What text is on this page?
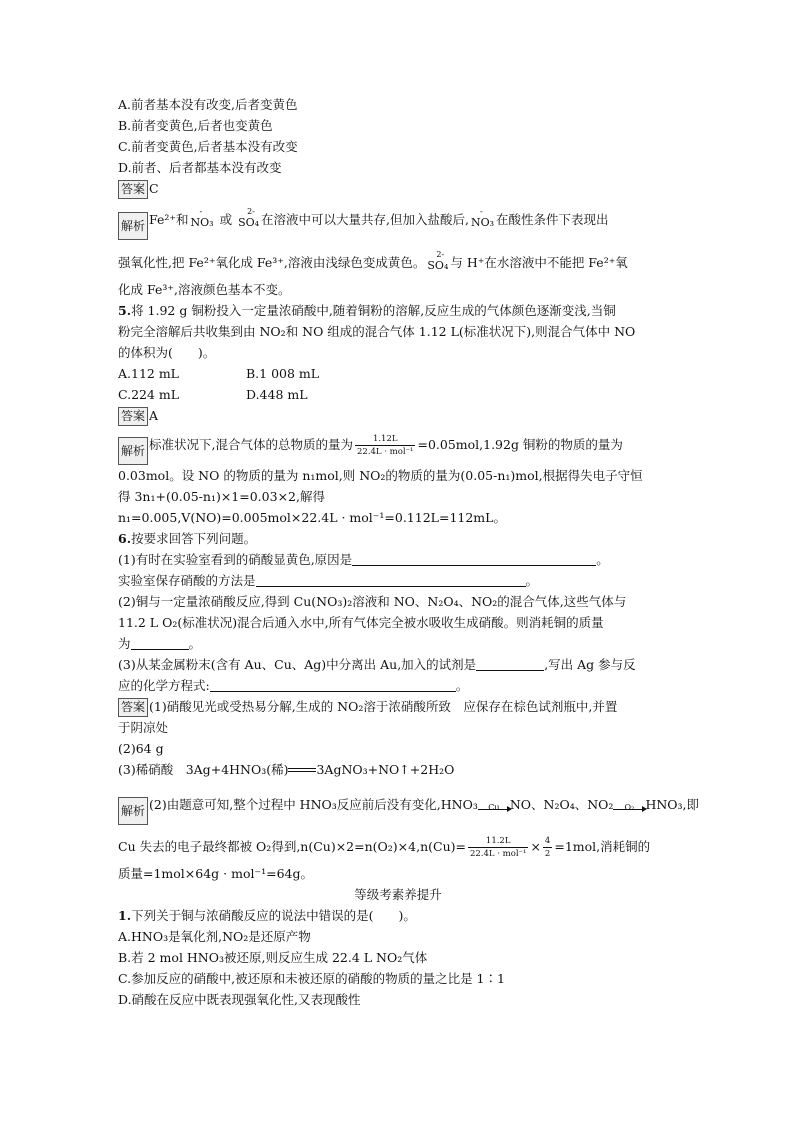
A.前者基本没有改变,后者变黄色
B.前者变黄色,后者也变黄色
C.前者变黄色,后者基本没有改变
D.前者、后者都基本没有改变
答案 C
解析 Fe²⁺和 NO₃
-
或 SO₄
2-
在溶液中可以大量共存,但加入盐酸后, NO₃
-
在酸性条件下表现出
强氧化性,把 Fe²⁺氧化成 Fe³⁺,溶液由浅绿色变成黄色。 SO₄
2-
与 H⁺在水溶液中不能把 Fe²⁺氧
化成 Fe³⁺,溶液颜色基本不变。
5.将 1.92 g 铜粉投入一定量浓硝酸中,随着铜粉的溶解,反应生成的气体颜色逐渐变浅,当铜
粉完全溶解后共收集到由 NO₂和 NO 组成的混合气体 1.12 L(标准状况下),则混合气体中 NO
的体积为(　　)。
A.112 mL	B.1 008 mL
C.224 mL	D.448 mL
答案 A
解析 标准状况下,混合气体的总物质的量为 $\frac{1.12L}{\text{22.4L · mol⁻¹}} =0.05mol,1.92g$ 铜粉的物质的量为
0.03mol。设 NO 的物质的量为 n₁mol,则 NO₂的物质的量为(0.05-n₁)mol,根据得失电子守恒
得 3n₁+(0.05-n₁)×1=0.03×2,解得
n₁=0.005,V(NO)=0.005mol×22.4L · mol⁻¹=0.112L=112mL。
6.按要求回答下列问题。
(1)有时在实验室看到的硝酸显黄色,原因是	。
实验室保存硝酸的方法是	。
(2)铜与一定量浓硝酸反应,得到 Cu(NO₃)₂溶液和 NO、N₂O₄、NO₂的混合气体,这些气体与
11.2 L O₂(标准状况)混合后通入水中,所有气体完全被水吸收生成硝酸。则消耗铜的质量
为	。
(3)从某金属粉末(含有 Au、Cu、Ag)中分离出 Au,加入的试剂是	,写出 Ag 参与反
应的化学方程式:	。
答案 (1)硝酸见光或受热易分解,生成的 NO₂溶于浓硝酸所致　应保存在棕色试剂瓶中,并置
于阴凉处
(2)64 g
(3)稀硝酸　3Ag+4HNO₃(稀) 3AgNO₃+NO↑+2H₂O
解析 (2)由题意可知,整个过程中 HNO₃反应前后没有变化,HNO₃	Cu NO、N₂O₄、NO₂	O₂ HNO₃,即
Cu 失去的电子最终都被 O₂得到$,n(Cu)\times 2=n(O_2)\times 4,n(Cu)= \frac{11.2L}{\text{22.4L · mol⁻¹}} \times \frac{4}{2} =1mol$,消耗铜的
质量=1mol×64g · mol⁻¹=64g。
等级考素养提升
1.下列关于铜与浓硝酸反应的说法中错误的是(　　)。
A.HNO₃是氧化剂,NO₂是还原产物
B.若 2 mol HNO₃被还原,则反应生成 22.4 L NO₂气体
C.参加反应的硝酸中,被还原和未被还原的硝酸的物质的量之比是 1∶1
D.硝酸在反应中既表现强氧化性,又表现酸性
